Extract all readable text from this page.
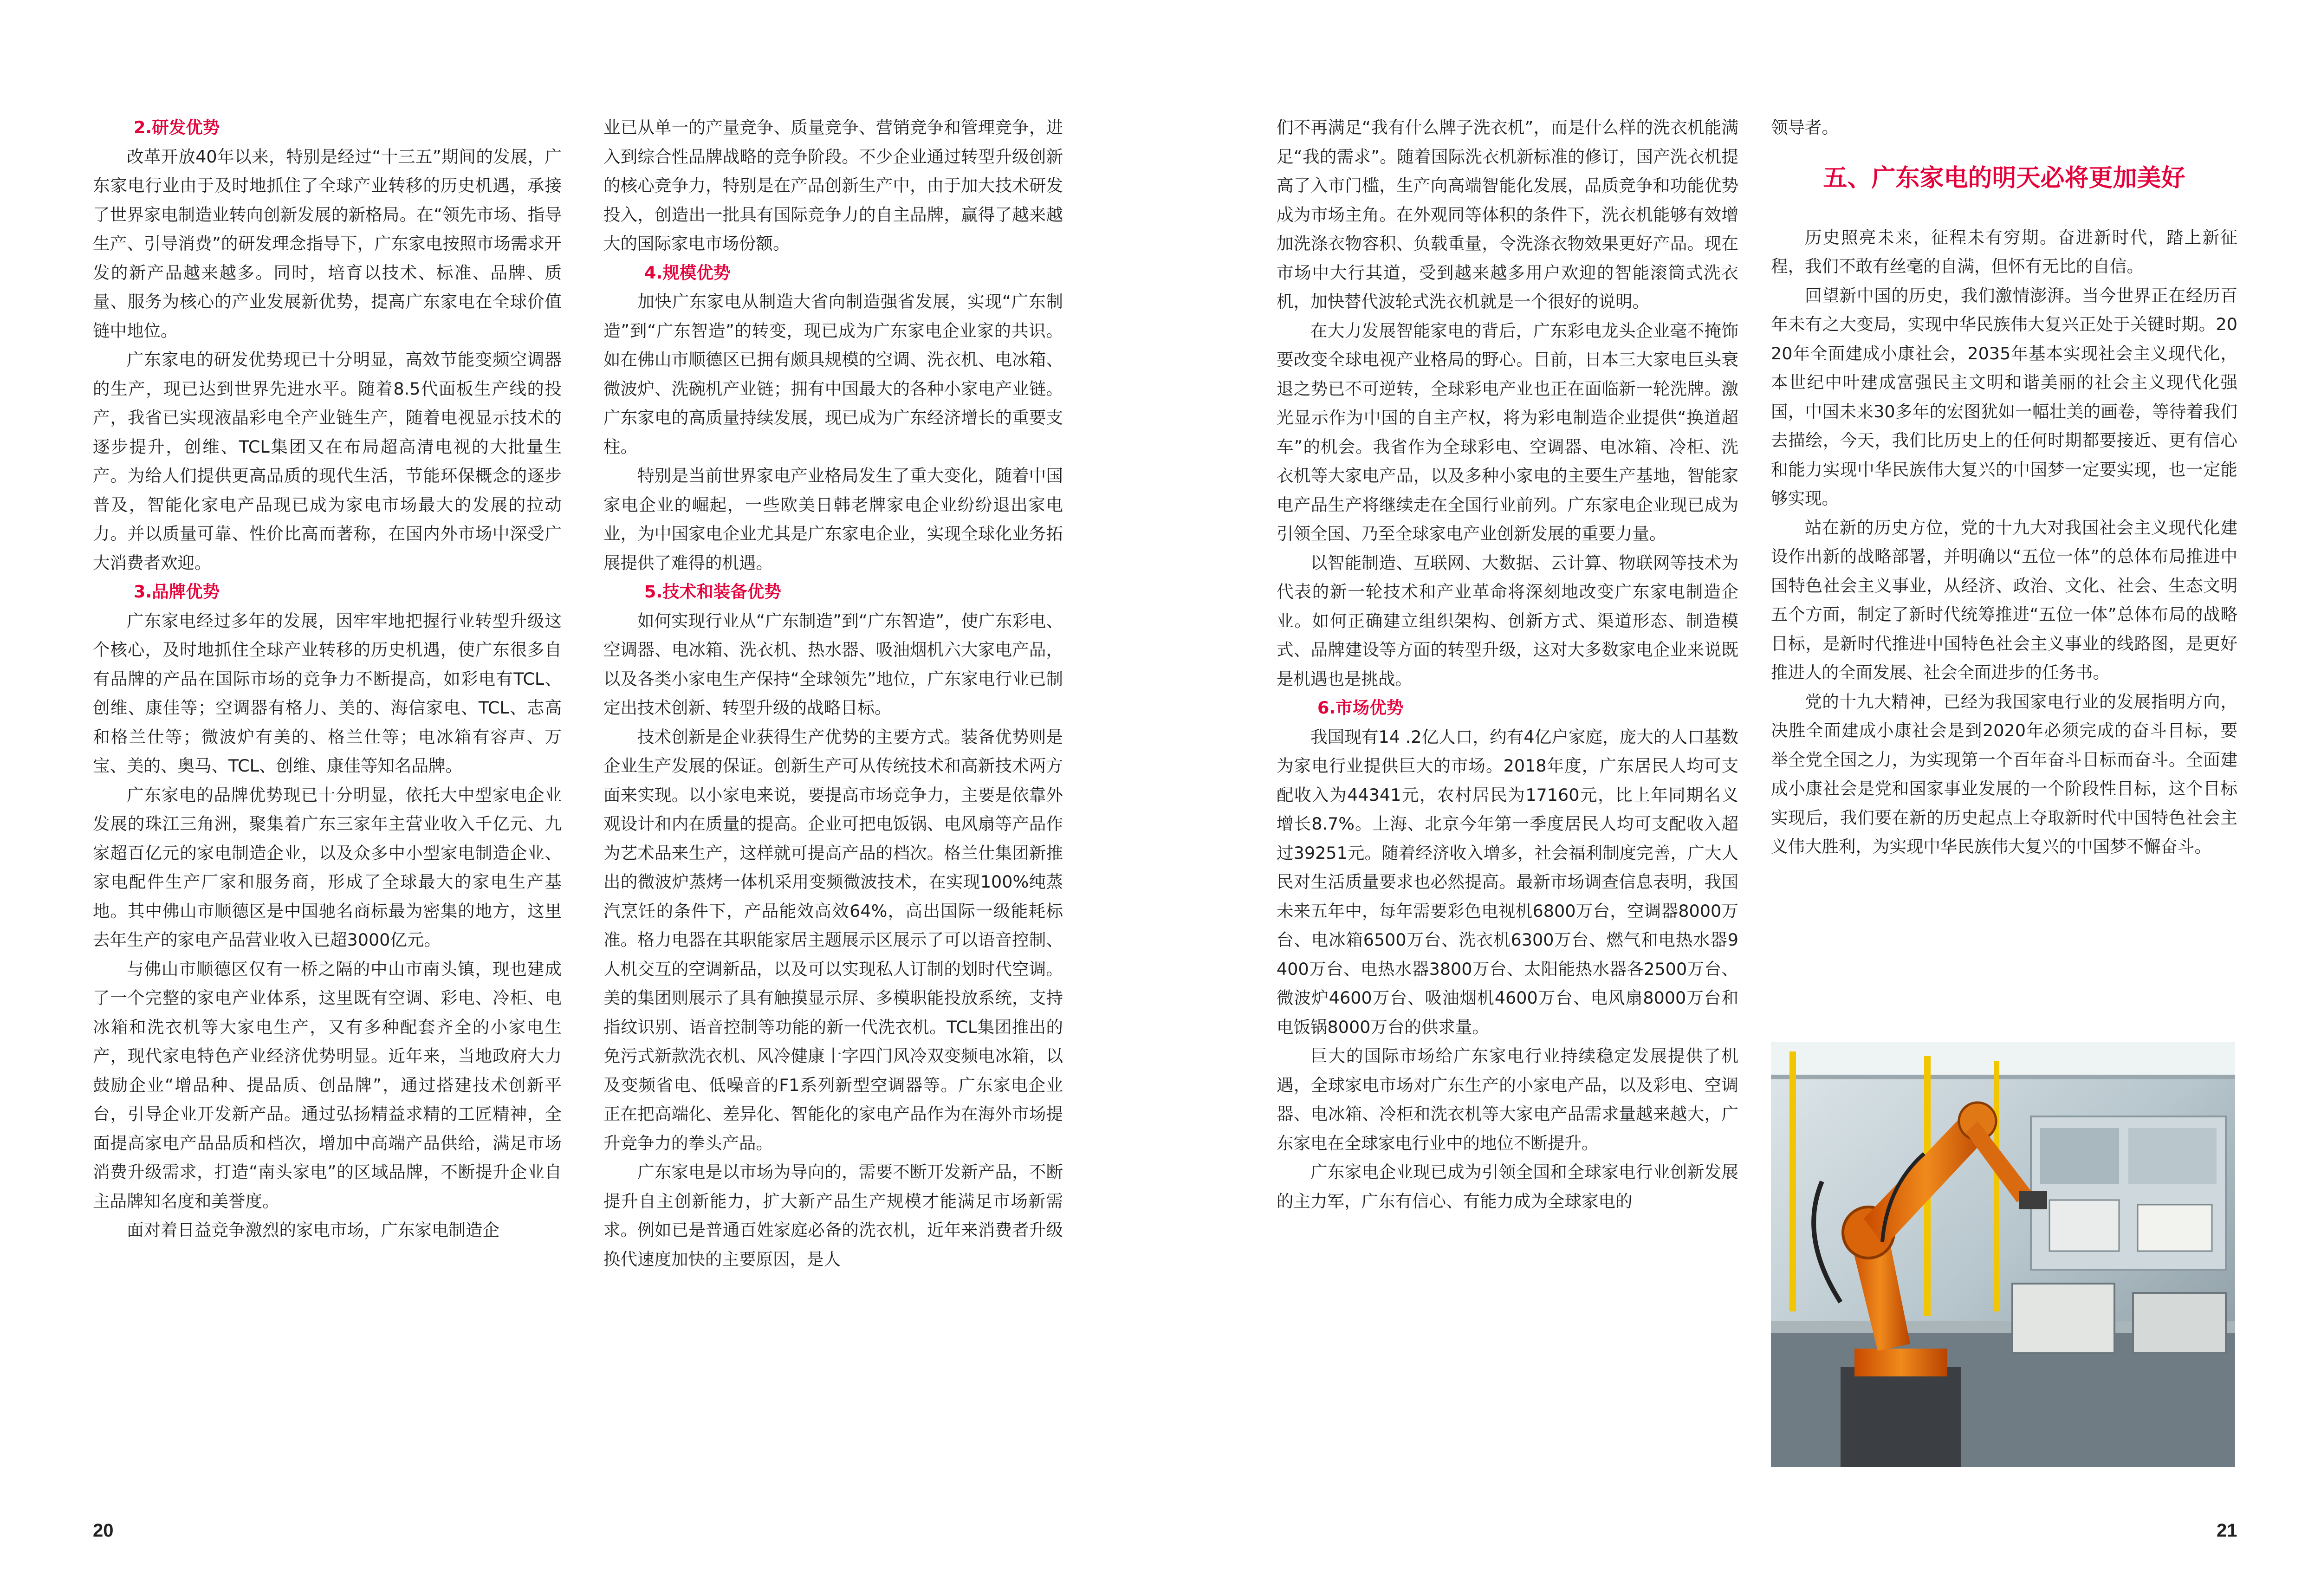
2.研发优势

改革开放40年以来，特别是经过“十三五”期间的发展，广东家电行业由于及时地抓住了全球产业转移的历史机遇，承接了世界家电制造业转向创新发展的新格局。在“领先市场、指导生产、引导消费”的研发理念指导下，广东家电按照市场需求开发的新产品越来越多。同时，培育以技术、标准、品牌、质量、服务为核心的产业发展新优势，提高广东家电在全球价值链中地位。

广东家电的研发优势现已十分明显，高效节能变频空调器的生产，现已达到世界先进水平。随着8.5代面板生产线的投产，我省已实现液晶彩电全产业链生产，随着电视显示技术的逐步提升，创维、TCL集团又在布局超高清电视的大批量生产。为给人们提供更高品质的现代生活，节能环保概念的逐步普及，智能化家电产品现已成为家电市场最大的发展的拉动力。并以质量可靠、性价比高而著称，在国内外市场中深受广大消费者欢迎。

3.品牌优势

广东家电经过多年的发展，因牢牢地把握行业转型升级这个核心，及时地抓住全球产业转移的历史机遇，使广东很多自有品牌的产品在国际市场的竞争力不断提高，如彩电有TCL、创维、康佳等；空调器有格力、美的、海信家电、TCL、志高和格兰仕等；微波炉有美的、格兰仕等；电冰箱有容声、万宝、美的、奥马、TCL、创维、康佳等知名品牌。

广东家电的品牌优势现已十分明显，依托大中型家电企业发展的珠江三角洲，聚集着广东三家年主营业收入千亿元、九家超百亿元的家电制造企业，以及众多中小型家电制造企业、家电配件生产厂家和服务商，形成了全球最大的家电生产基地。其中佛山市顺德区是中国驰名商标最为密集的地方，这里去年生产的家电产品营业收入已超3000亿元。

与佛山市顺德区仅有一桥之隔的中山市南头镇，现也建成了一个完整的家电产业体系，这里既有空调、彩电、冷柜、电冰箱和洗衣机等大家电生产，又有多种配套齐全的小家电生产，现代家电特色产业经济优势明显。近年来，当地政府大力鼓励企业“增品种、提品质、创品牌”，通过搭建技术创新平台，引导企业开发新产品。通过弘扬精益求精的工匠精神，全面提高家电产品品质和档次，增加中高端产品供给，满足市场消费升级需求，打造“南头家电”的区域品牌，不断提升企业自主品牌知名度和美誉度。

面对着日益竞争激烈的家电市场，广东家电制造企

业已从单一的产量竞争、质量竞争、营销竞争和管理竞争，进入到综合性品牌战略的竞争阶段。不少企业通过转型升级创新的核心竞争力，特别是在产品创新生产中，由于加大技术研发投入，创造出一批具有国际竞争力的自主品牌，赢得了越来越大的国际家电市场份额。

4.规模优势

加快广东家电从制造大省向制造强省发展，实现“广东制造”到“广东智造”的转变，现已成为广东家电企业家的共识。如在佛山市顺德区已拥有颇具规模的空调、洗衣机、电冰箱、微波炉、洗碗机产业链；拥有中国最大的各种小家电产业链。广东家电的高质量持续发展，现已成为广东经济增长的重要支柱。

特别是当前世界家电产业格局发生了重大变化，随着中国家电企业的崛起，一些欧美日韩老牌家电企业纷纷退出家电业，为中国家电企业尤其是广东家电企业，实现全球化业务拓展提供了难得的机遇。

5.技术和装备优势

如何实现行业从“广东制造”到“广东智造”，使广东彩电、空调器、电冰箱、洗衣机、热水器、吸油烟机六大家电产品，以及各类小家电生产保持“全球领先”地位，广东家电行业已制定出技术创新、转型升级的战略目标。

技术创新是企业获得生产优势的主要方式。装备优势则是企业生产发展的保证。创新生产可从传统技术和高新技术两方面来实现。以小家电来说，要提高市场竞争力，主要是依靠外观设计和内在质量的提高。企业可把电饭锅、电风扇等产品作为艺术品来生产，这样就可提高产品的档次。格兰仕集团新推出的微波炉蒸烤一体机采用变频微波技术，在实现100%纯蒸汽烹饪的条件下，产品能效高效64%，高出国际一级能耗标准。格力电器在其职能家居主题展示区展示了可以语音控制、人机交互的空调新品，以及可以实现私人订制的划时代空调。美的集团则展示了具有触摸显示屏、多模职能投放系统，支持指纹识别、语音控制等功能的新一代洗衣机。TCL集团推出的免污式新款洗衣机、风冷健康十字四门风冷双变频电冰箱，以及变频省电、低噪音的F1系列新型空调器等。广东家电企业正在把高端化、差异化、智能化的家电产品作为在海外市场提升竞争力的拳头产品。

广东家电是以市场为导向的，需要不断开发新产品，不断提升自主创新能力，扩大新产品生产规模才能满足市场新需求。例如已是普通百姓家庭必备的洗衣机，近年来消费者升级换代速度加快的主要原因，是人

们不再满足“我有什么牌子洗衣机”，而是什么样的洗衣机能满足“我的需求”。随着国际洗衣机新标准的修订，国产洗衣机提高了入市门槛，生产向高端智能化发展，品质竞争和功能优势成为市场主角。在外观同等体积的条件下，洗衣机能够有效增加洗涤衣物容积、负载重量，令洗涤衣物效果更好产品。现在市场中大行其道，受到越来越多用户欢迎的智能滚筒式洗衣机，加快替代波轮式洗衣机就是一个很好的说明。

在大力发展智能家电的背后，广东彩电龙头企业毫不掩饰要改变全球电视产业格局的野心。目前，日本三大家电巨头衰退之势已不可逆转，全球彩电产业也正在面临新一轮洗牌。激光显示作为中国的自主产权，将为彩电制造企业提供“换道超车”的机会。我省作为全球彩电、空调器、电冰箱、冷柜、洗衣机等大家电产品，以及多种小家电的主要生产基地，智能家电产品生产将继续走在全国行业前列。广东家电企业现已成为引领全国、乃至全球家电产业创新发展的重要力量。

以智能制造、互联网、大数据、云计算、物联网等技术为代表的新一轮技术和产业革命将深刻地改变广东家电制造企业。如何正确建立组织架构、创新方式、渠道形态、制造模式、品牌建设等方面的转型升级，这对大多数家电企业来说既是机遇也是挑战。

6.市场优势

我国现有14 .2亿人口，约有4亿户家庭，庞大的人口基数为家电行业提供巨大的市场。2018年度，广东居民人均可支配收入为44341元，农村居民为17160元，比上年同期名义增长8.7%。上海、北京今年第一季度居民人均可支配收入超过39251元。随着经济收入增多，社会福利制度完善，广大人民对生活质量要求也必然提高。最新市场调查信息表明，我国未来五年中，每年需要彩色电视机6800万台，空调器8000万台、电冰箱6500万台、洗衣机6300万台、燃气和电热水器9400万台、电热水器3800万台、太阳能热水器各2500万台、微波炉4600万台、吸油烟机4600万台、电风扇8000万台和电饭锅8000万台的供求量。

巨大的国际市场给广东家电行业持续稳定发展提供了机遇，全球家电市场对广东生产的小家电产品，以及彩电、空调器、电冰箱、冷柜和洗衣机等大家电产品需求量越来越大，广东家电在全球家电行业中的地位不断提升。

广东家电企业现已成为引领全国和全球家电行业创新发展的主力军，广东有信心、有能力成为全球家电的

领导者。

五、广东家电的明天必将更加美好

历史照亮未来，征程未有穷期。奋进新时代，踏上新征程，我们不敢有丝毫的自满，但怀有无比的自信。

回望新中国的历史，我们激情澎湃。当今世界正在经历百年未有之大变局，实现中华民族伟大复兴正处于关键时期。2020年全面建成小康社会，2035年基本实现社会主义现代化，本世纪中叶建成富强民主文明和谐美丽的社会主义现代化强国，中国未来30多年的宏图犹如一幅壮美的画卷，等待着我们去描绘，今天，我们比历史上的任何时期都要接近、更有信心和能力实现中华民族伟大复兴的中国梦一定要实现，也一定能够实现。

站在新的历史方位，党的十九大对我国社会主义现代化建设作出新的战略部署，并明确以“五位一体”的总体布局推进中国特色社会主义事业，从经济、政治、文化、社会、生态文明五个方面，制定了新时代统筹推进“五位一体”总体布局的战略目标，是新时代推进中国特色社会主义事业的线路图，是更好推进人的全面发展、社会全面进步的任务书。

党的十九大精神，已经为我国家电行业的发展指明方向，决胜全面建成小康社会是到2020年必须完成的奋斗目标，要举全党全国之力，为实现第一个百年奋斗目标而奋斗。全面建成小康社会是党和国家事业发展的一个阶段性目标，这个目标实现后，我们要在新的历史起点上夺取新时代中国特色社会主义伟大胜利，为实现中华民族伟大复兴的中国梦不懈奋斗。

20	21
